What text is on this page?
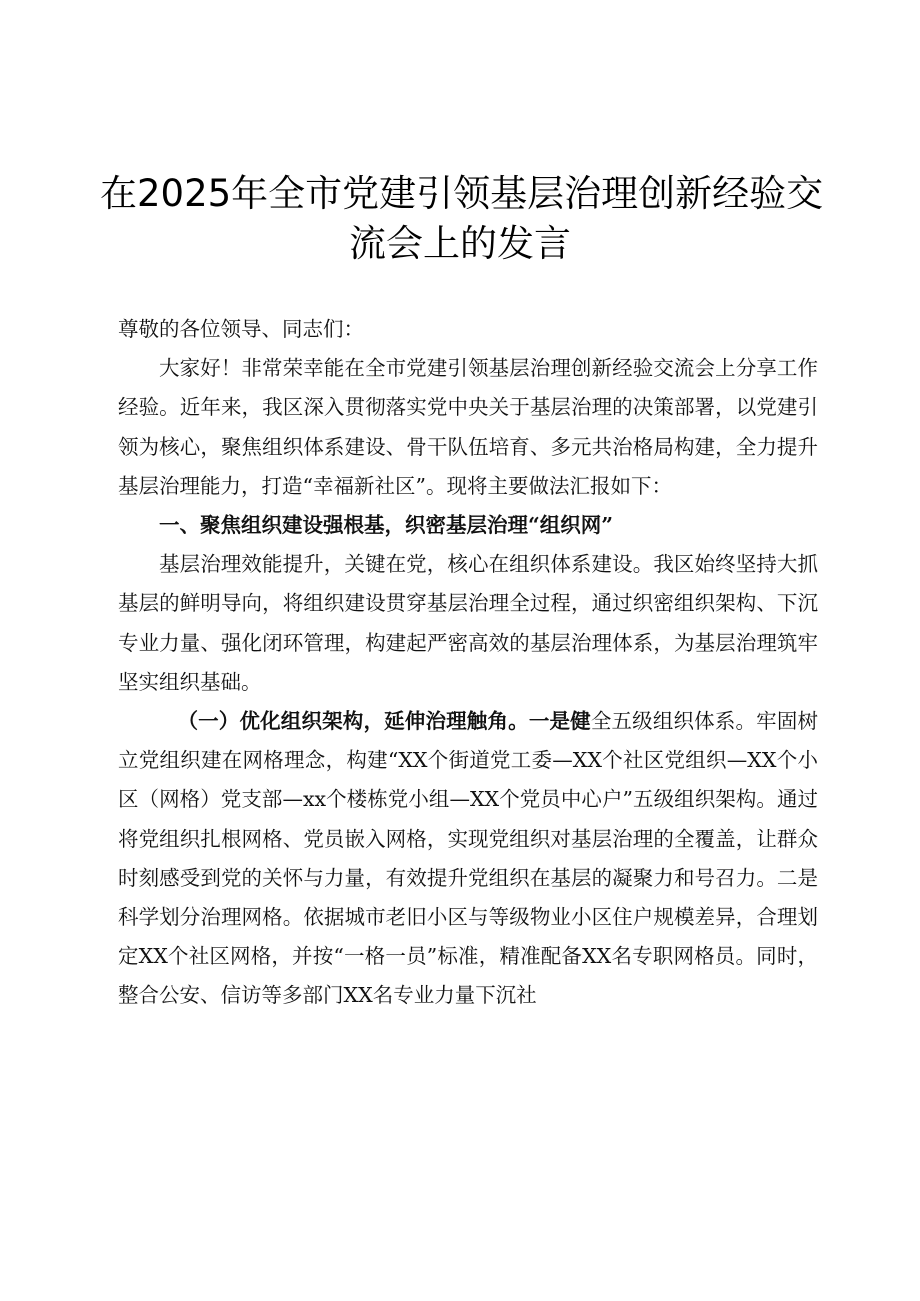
在2025年全市党建引领基层治理创新经验交
流会上的发言

尊敬的各位领导、同志们：

大家好！非常荣幸能在全市党建引领基层治理创新经验交流会上分享工作经验。近年来，我区深入贯彻落实党中央关于基层治理的决策部署，以党建引领为核心，聚焦组织体系建设、骨干队伍培育、多元共治格局构建，全力提升基层治理能力，打造“幸福新社区”。现将主要做法汇报如下：

一、聚焦组织建设强根基，织密基层治理“组织网”

基层治理效能提升，关键在党，核心在组织体系建设。我区始终坚持大抓基层的鲜明导向，将组织建设贯穿基层治理全过程，通过织密组织架构、下沉专业力量、强化闭环管理，构建起严密高效的基层治理体系，为基层治理筑牢坚实组织基础。

（一）优化组织架构，延伸治理触角。一是健全五级组织体系。牢固树立党组织建在网格理念，构建“XX个街道党工委—XX个社区党组织—XX个小区（网格）党支部—xx个楼栋党小组—XX个党员中心户”五级组织架构。通过将党组织扎根网格、党员嵌入网格，实现党组织对基层治理的全覆盖，让群众时刻感受到党的关怀与力量，有效提升党组织在基层的凝聚力和号召力。二是科学划分治理网格。依据城市老旧小区与等级物业小区住户规模差异，合理划定XX个社区网格，并按“一格一员”标准，精准配备XX名专职网格员。同时，整合公安、信访等多部门XX名专业力量下沉社
